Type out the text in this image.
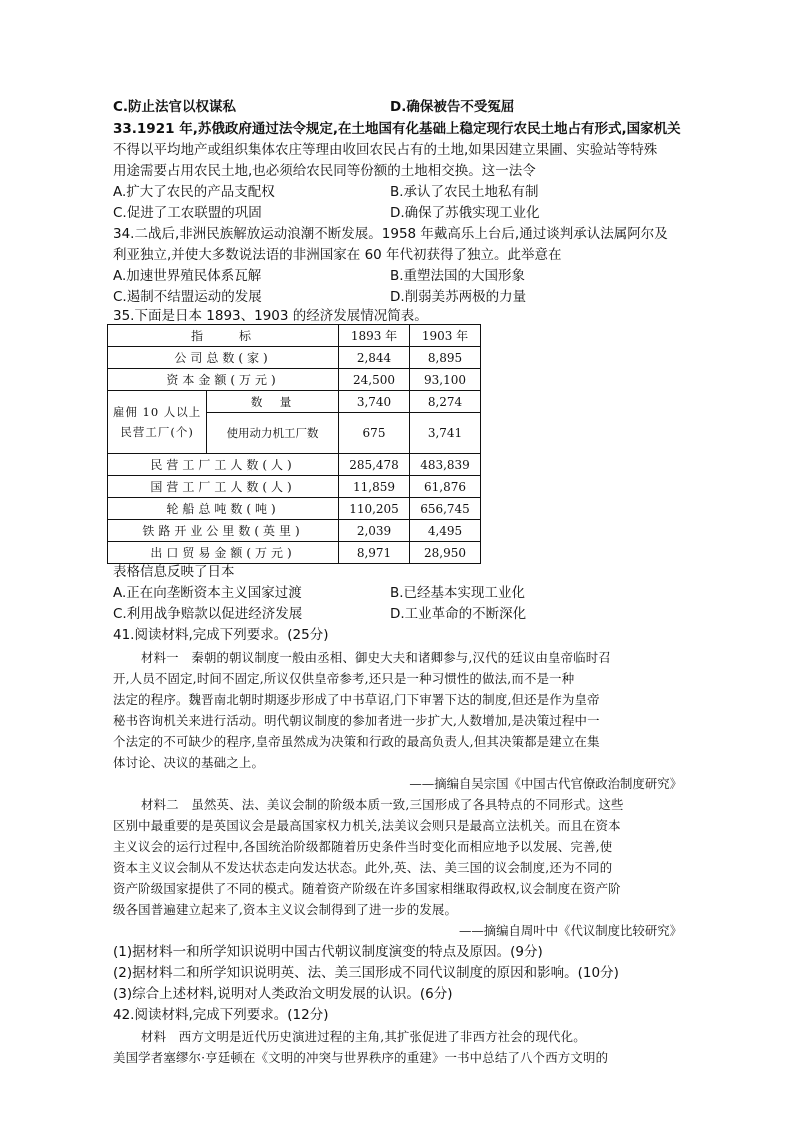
C.防止法官以权谋私	D.确保被告不受冤屈
33.1921 年,苏俄政府通过法令规定,在土地国有化基础上稳定现行农民土地占有形式,国家机关
不得以平均地产或组织集体农庄等理由收回农民占有的土地,如果因建立果圃、实验站等特殊
用途需要占用农民土地,也必须给农民同等份额的土地相交换。这一法令
A.扩大了农民的产品支配权	B.承认了农民土地私有制
C.促进了工农联盟的巩固	D.确保了苏俄实现工业化
34.二战后,非洲民族解放运动浪潮不断发展。1958 年戴高乐上台后,通过谈判承认法属阿尔及
利亚独立,并使大多数说法语的非洲国家在 60 年代初获得了独立。此举意在
A.加速世界殖民体系瓦解	B.重塑法国的大国形象
C.遏制不结盟运动的发展	D.削弱美苏两极的力量
35.下面是日本 1893、1903 的经济发展情况简表。
指　　标		1893 年	1903 年
公司总数(家)		2,844	8,895
资本金额(万元)		24,500	93,100
雇佣 10 人以上民营工厂(个)	数　量	3,740	8,274
	使用动力机工厂数	675	3,741
民营工厂工人数(人)		285,478	483,839
国营工厂工人数(人)		11,859	61,876
轮船总吨数(吨)		110,205	656,745
铁路开业公里数(英里)		2,039	4,495
出口贸易金额(万元)		8,971	28,950
表格信息反映了日本
A.正在向垄断资本主义国家过渡	B.已经基本实现工业化
C.利用战争赔款以促进经济发展	D.工业革命的不断深化
41.阅读材料,完成下列要求。(25分)
材料一　秦朝的朝议制度一般由丞相、御史大夫和诸卿参与,汉代的廷议由皇帝临时召
开,人员不固定,时间不固定,所议仅供皇帝参考,还只是一种习惯性的做法,而不是一种
法定的程序。魏晋南北朝时期逐步形成了中书草诏,门下审署下达的制度,但还是作为皇帝
秘书咨询机关来进行活动。明代朝议制度的参加者进一步扩大,人数增加,是决策过程中一
个法定的不可缺少的程序,皇帝虽然成为决策和行政的最高负责人,但其决策都是建立在集
体讨论、决议的基础之上。
——摘编自吴宗国《中国古代官僚政治制度研究》
材料二　虽然英、法、美议会制的阶级本质一致,三国形成了各具特点的不同形式。这些
区别中最重要的是英国议会是最高国家权力机关,法美议会则只是最高立法机关。而且在资本
主义议会的运行过程中,各国统治阶级都随着历史条件当时变化而相应地予以发展、完善,使
资本主义议会制从不发达状态走向发达状态。此外,英、法、美三国的议会制度,还为不同的
资产阶级国家提供了不同的模式。随着资产阶级在许多国家相继取得政权,议会制度在资产阶
级各国普遍建立起来了,资本主义议会制得到了进一步的发展。
——摘编自周叶中《代议制度比较研究》
(1)据材料一和所学知识说明中国古代朝议制度演变的特点及原因。(9分)
(2)据材料二和所学知识说明英、法、美三国形成不同代议制度的原因和影响。(10分)
(3)综合上述材料,说明对人类政治文明发展的认识。(6分)
42.阅读材料,完成下列要求。(12分)
材料　西方文明是近代历史演进过程的主角,其扩张促进了非西方社会的现代化。
美国学者塞缪尔·亨廷顿在《文明的冲突与世界秩序的重建》一书中总结了八个西方文明的
